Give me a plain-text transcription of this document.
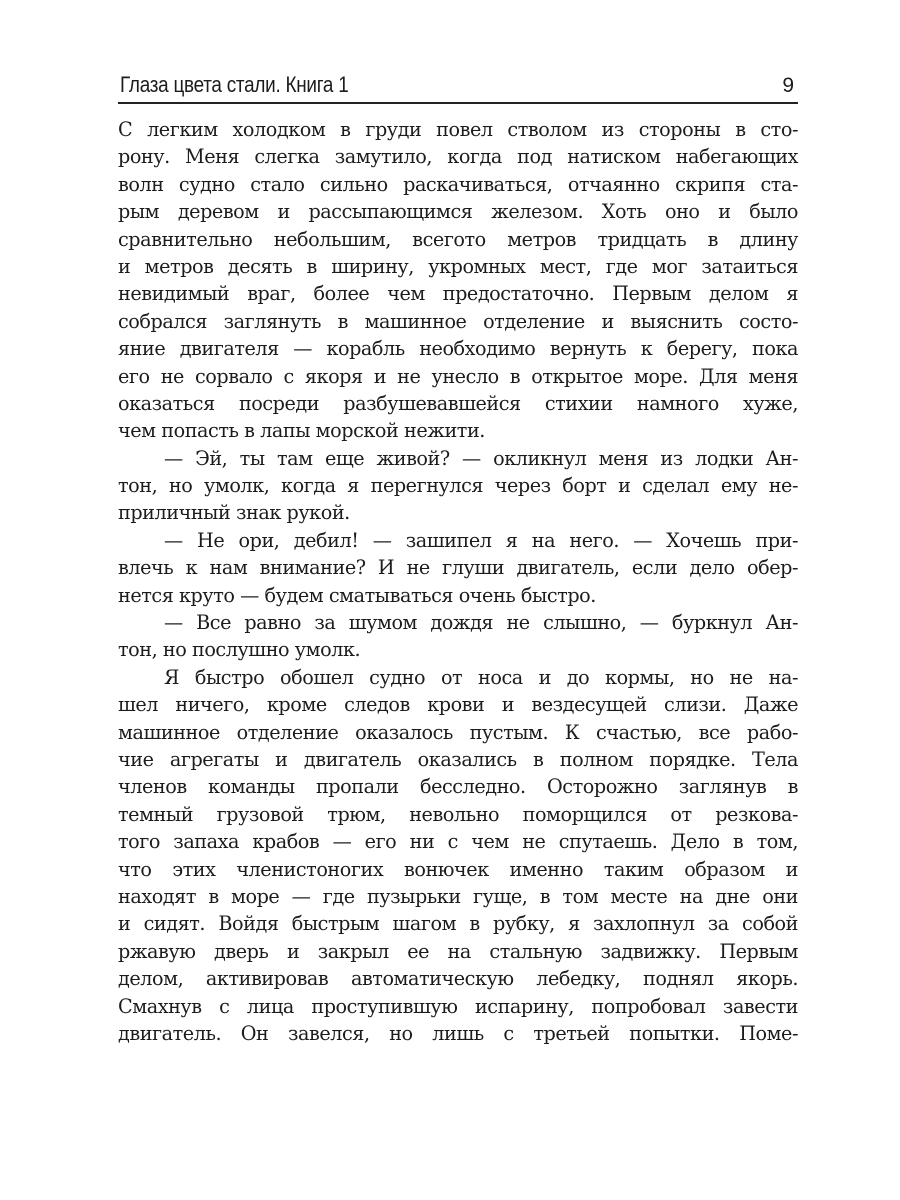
Глаза цвета стали. Книга 1	9
С легким холодком в груди повел стволом из стороны в сто-
рону. Меня слегка замутило, когда под натиском набегающих
волн судно стало сильно раскачиваться, отчаянно скрипя ста-
рым деревом и рассыпающимся железом. Хоть оно и было
сравнительно небольшим, всегото метров тридцать в длину
и метров десять в ширину, укромных мест, где мог затаиться
невидимый враг, более чем предостаточно. Первым делом я
собрался заглянуть в машинное отделение и выяснить состо-
яние двигателя — корабль необходимо вернуть к берегу, пока
его не сорвало с якоря и не унесло в открытое море. Для меня
оказаться посреди разбушевавшейся стихии намного хуже,
чем попасть в лапы морской нежити.
— Эй, ты там еще живой? — окликнул меня из лодки Ан-
тон, но умолк, когда я перегнулся через борт и сделал ему не-
приличный знак рукой.
— Не ори, дебил! — зашипел я на него. — Хочешь при-
влечь к нам внимание? И не глуши двигатель, если дело обер-
нется круто — будем сматываться очень быстро.
— Все равно за шумом дождя не слышно, — буркнул Ан-
тон, но послушно умолк.
Я быстро обошел судно от носа и до кормы, но не на-
шел ничего, кроме следов крови и вездесущей слизи. Даже
машинное отделение оказалось пустым. К счастью, все рабо-
чие агрегаты и двигатель оказались в полном порядке. Тела
членов команды пропали бесследно. Осторожно заглянув в
темный грузовой трюм, невольно поморщился от резкова-
того запаха крабов — его ни с чем не спутаешь. Дело в том,
что этих членистоногих вонючек именно таким образом и
находят в море — где пузырьки гуще, в том месте на дне они
и сидят. Войдя быстрым шагом в рубку, я захлопнул за собой
ржавую дверь и закрыл ее на стальную задвижку. Первым
делом, активировав автоматическую лебедку, поднял якорь.
Смахнув с лица проступившую испарину, попробовал завести
двигатель. Он завелся, но лишь с третьей попытки. Поме-
